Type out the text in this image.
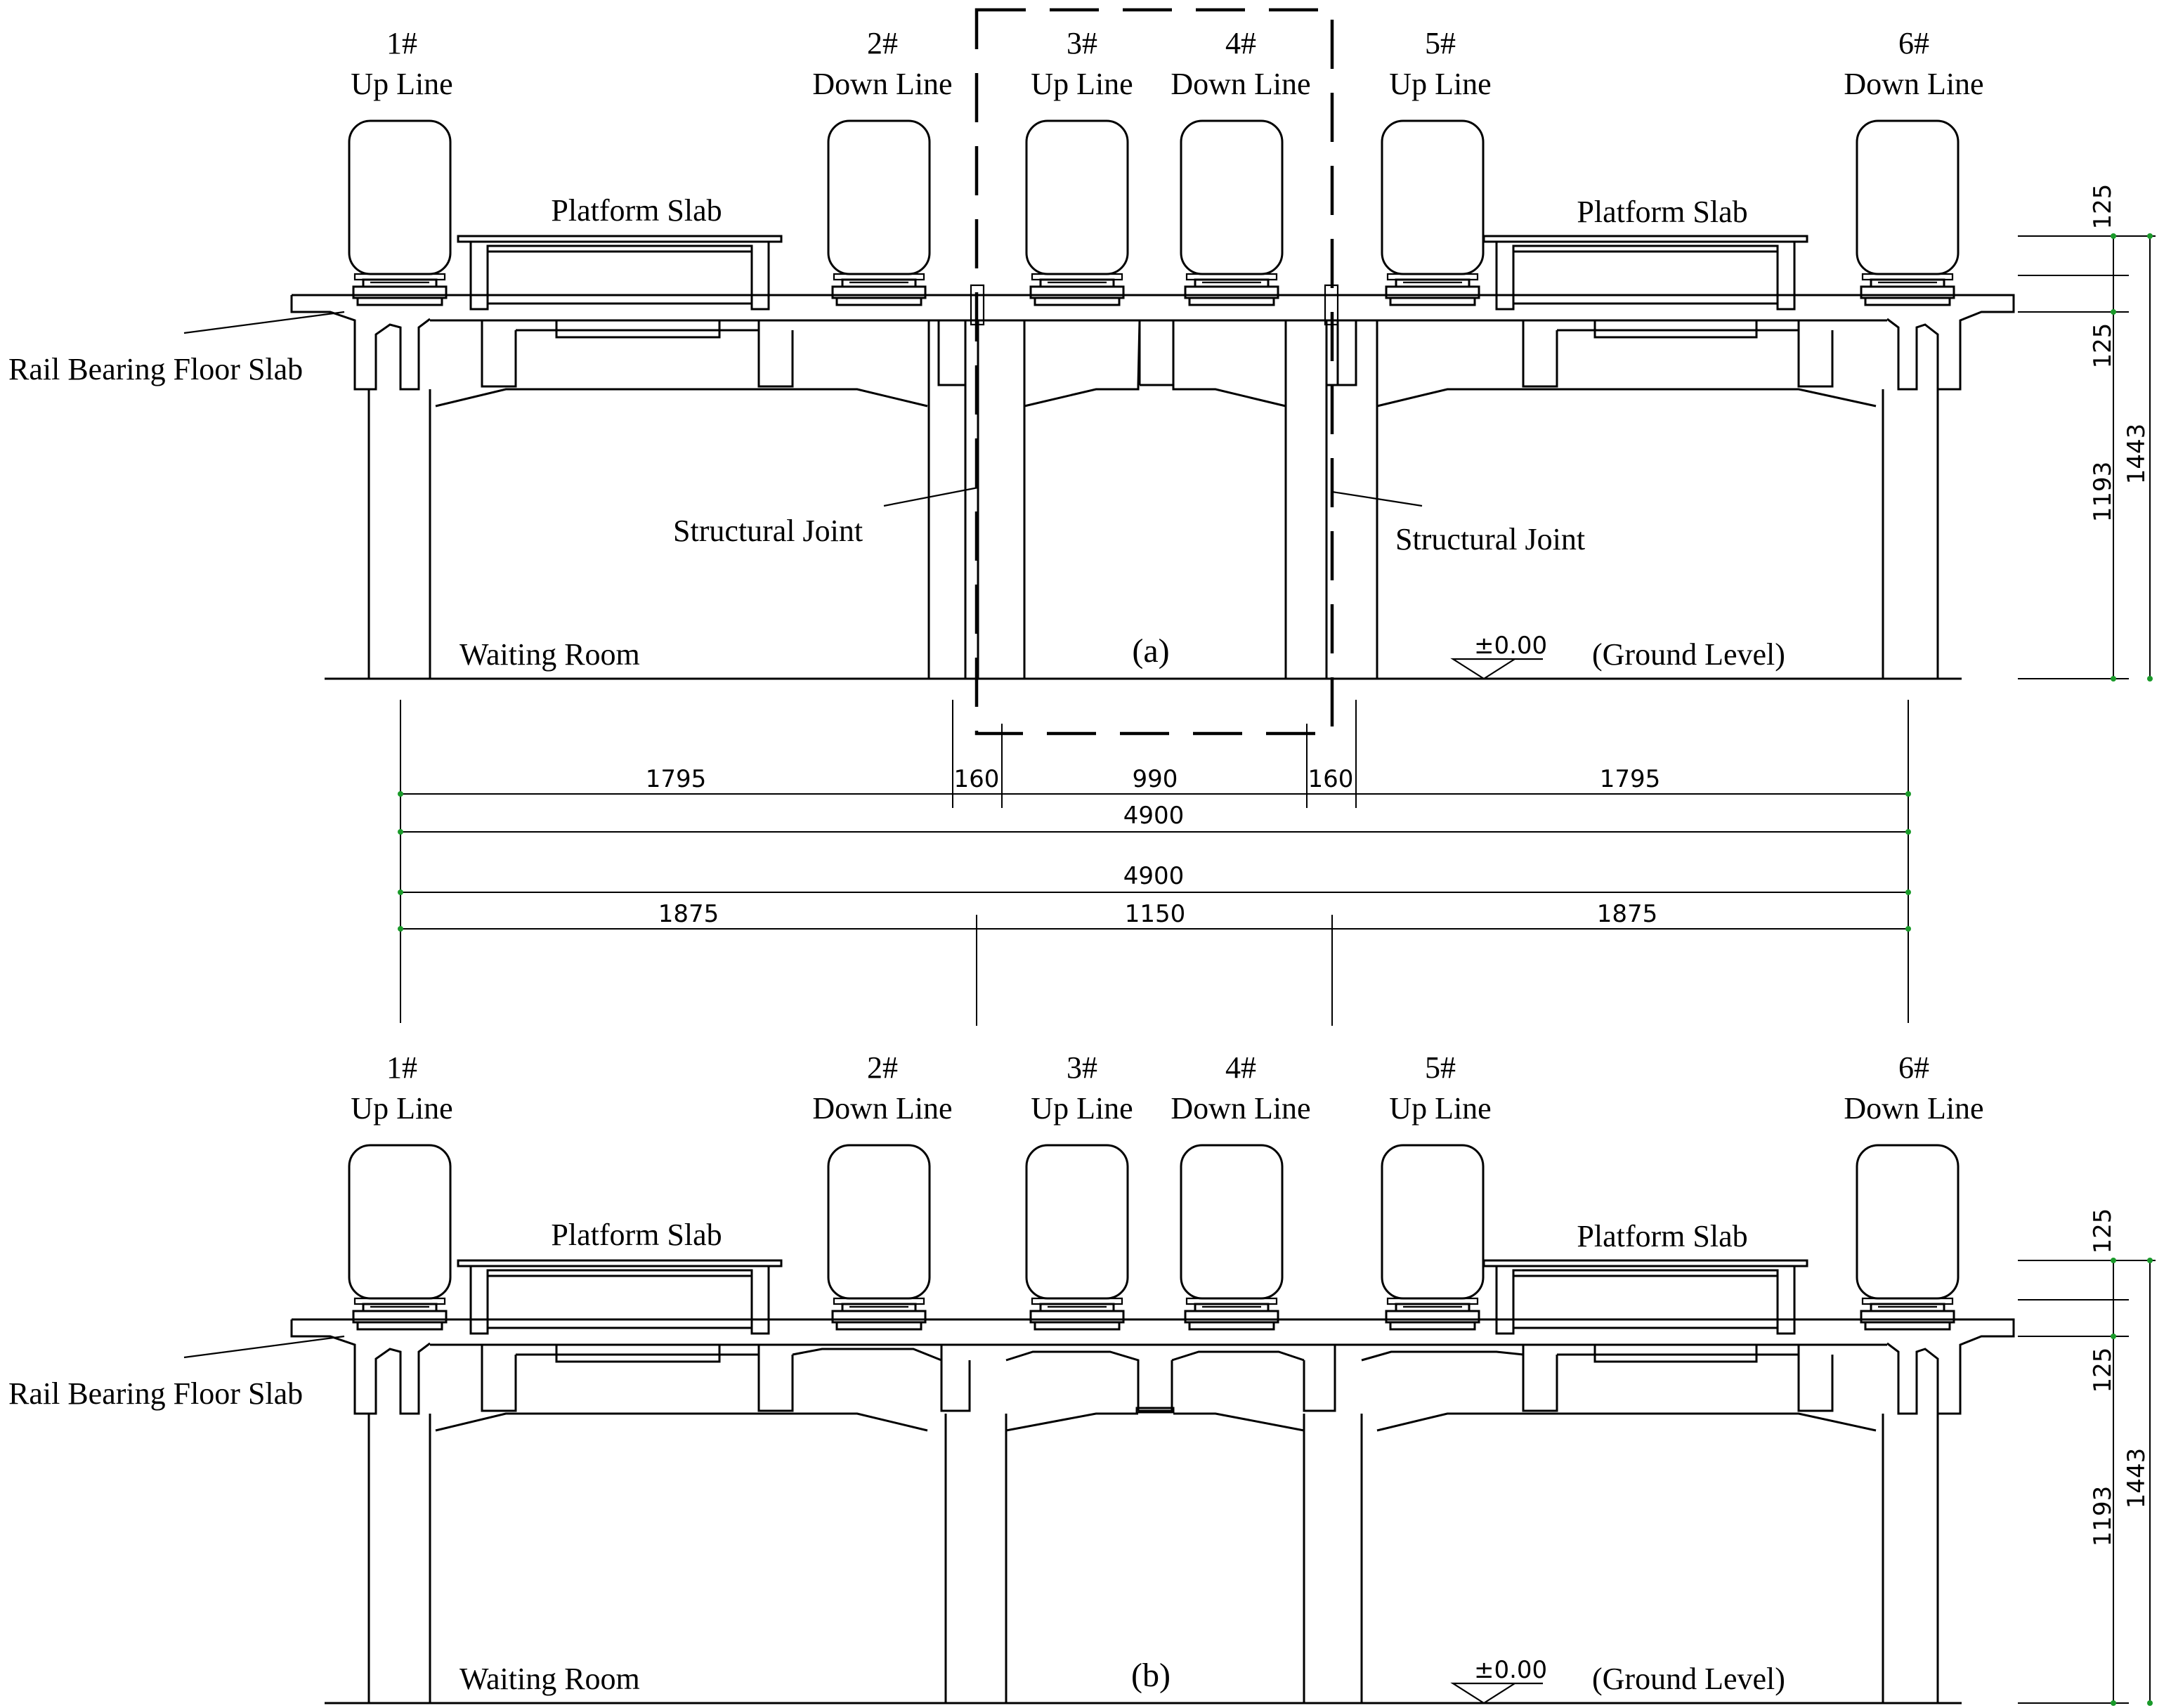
1#
Up Line
2#
Down Line
3#
Up Line
4#
Down Line
5#
Up Line
6#
Down Line
Platform Slab	Platform Slab
Rail Bearing Floor Slab
Structural Joint	Structural Joint
Waiting Room	(a)	±0.00 (Ground Level)
125
125
1193
1443
1795	160	990	160	1795
4900
4900
1875	1150	1875
1#
Up Line
2#
Down Line
3#
Up Line
4#
Down Line
5#
Up Line
6#
Down Line
Platform Slab	Platform Slab
Rail Bearing Floor Slab
Waiting Room	(b)	±0.00 (Ground Level)
125
125
1193
1443
